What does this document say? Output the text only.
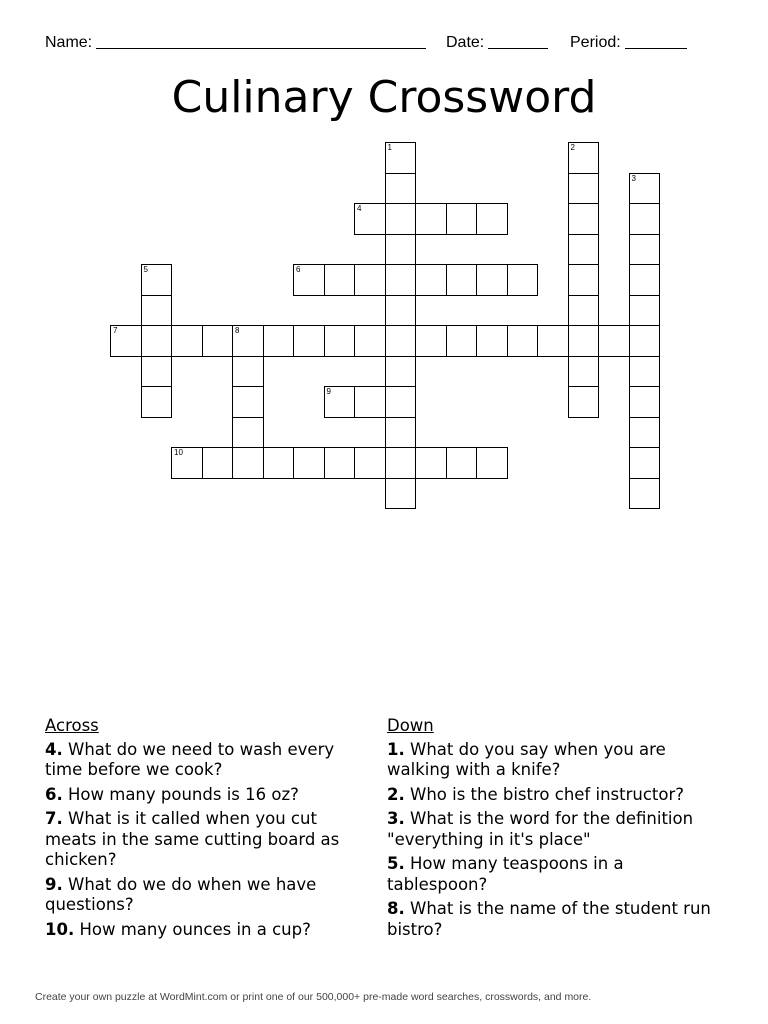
Name:	Date:	Period:
Culinary Crossword
1	2
3
4
5	6
7	8
9
10
Across
4. What do we need to wash every time before we cook?
6. How many pounds is 16 oz?
7. What is it called when you cut meats in the same cutting board as chicken?
9. What do we do when we have questions?
10. How many ounces in a cup?
Down
1. What do you say when you are walking with a knife?
2. Who is the bistro chef instructor?
3. What is the word for the definition "everything in it's place"
5. How many teaspoons in a tablespoon?
8. What is the name of the student run bistro?
Create your own puzzle at WordMint.com or print one of our 500,000+ pre-made word searches, crosswords, and more.
